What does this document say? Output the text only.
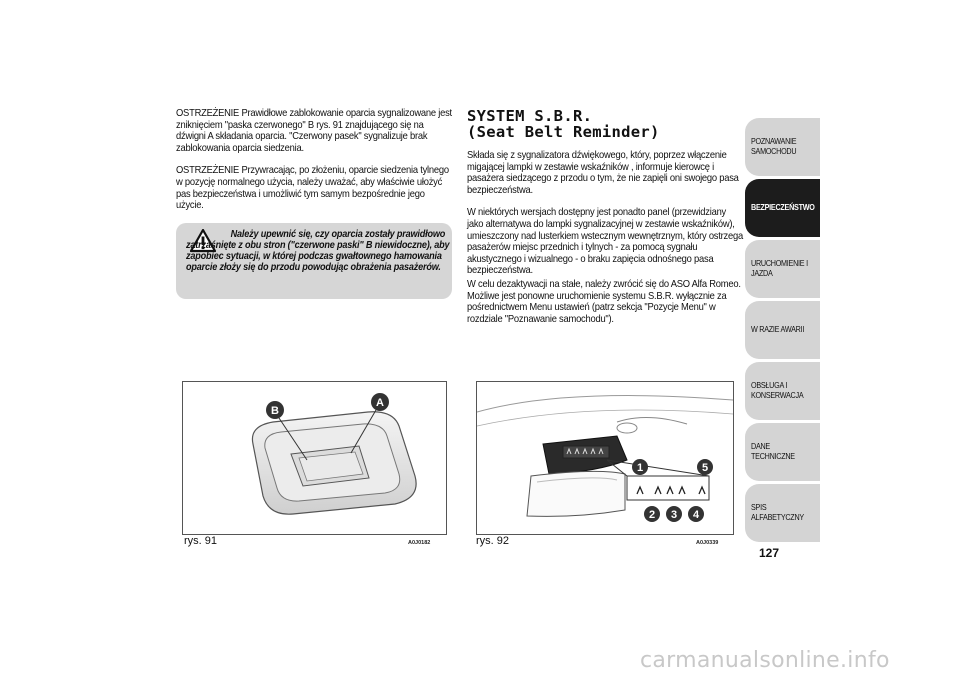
OSTRZEŻENIE Prawidłowe zablokowanie oparcia sygnalizowane jest zniknięciem "paska czerwonego" B rys. 91 znajdującego się na dźwigni A składania oparcia. "Czerwony pasek" sygnalizuje brak zablokowania oparcia siedzenia.

OSTRZEŻENIE Przywracając, po złożeniu, oparcie siedzenia tylnego w pozycję normalnego użycia, należy uważać, aby właściwie ułożyć pas bezpieczeństwa i umożliwić tym samym bezpośrednie jego użycie.

Należy upewnić się, czy oparcia zostały prawidłowo zatrzaśnięte z obu stron ("czerwone paski" B niewidoczne), aby zapobiec sytuacji, w której podczas gwałtownego hamowania oparcie złoży się do przodu powodując obrażenia pasażerów.

SYSTEM S.B.R.
(Seat Belt Reminder)

Składa się z sygnalizatora dźwiękowego, który, poprzez włączenie migającej lampki w zestawie wskaźników , informuje kierowcę i pasażera siedzącego z przodu o tym, że nie zapięli oni swojego pasa bezpieczeństwa.

W niektórych wersjach dostępny jest ponadto panel (przewidziany jako alternatywa do lampki sygnalizacyjnej w zestawie wskaźników), umieszczony nad lusterkiem wstecznym wewnętrznym, który ostrzega pasażerów miejsc przednich i tylnych - za pomocą sygnału akustycznego i wizualnego - o braku zapięcia odnośnego pasa bezpieczeństwa.

W celu dezaktywacji na stałe, należy zwrócić się do ASO Alfa Romeo. Możliwe jest ponowne uruchomienie systemu S.B.R. wyłącznie za pośrednictwem Menu ustawień (patrz sekcja "Pozycje Menu" w rozdziale "Poznawanie samochodu").

B
A
rys. 91	A0J0182
1	5
2 3 4
rys. 92	A0J0339
POZNAWANIE SAMOCHODU
BEZPIECZEŃSTWO
URUCHOMIENIE I JAZDA
W RAZIE AWARII
OBSŁUGA I KONSERWACJA
DANE TECHNICZNE
SPIS ALFABETYCZNY
127
carmanualsonline.info
